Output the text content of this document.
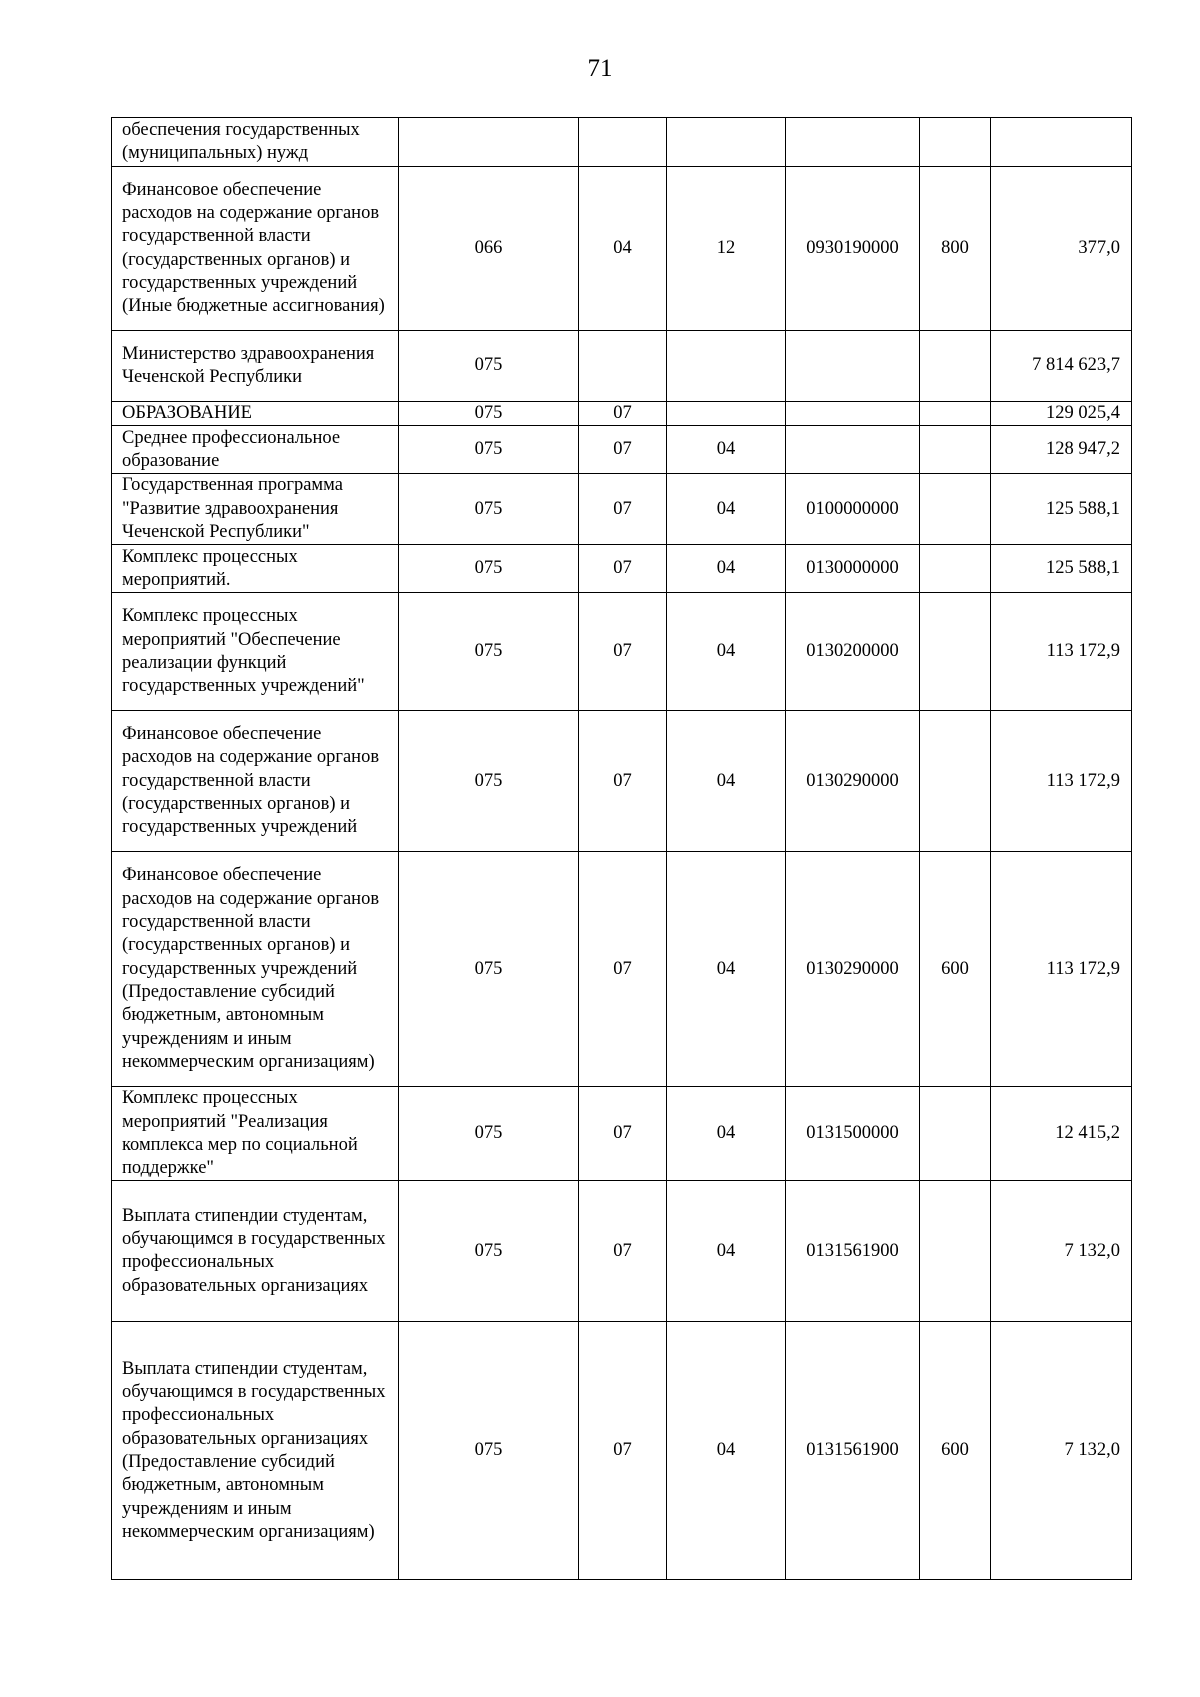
71
обеспечения государственных (муниципальных) нужд						

Финансовое обеспечение расходов на содержание органов государственной власти (государственных органов) и государственных учреждений (Иные бюджетные ассигнования)	066	04	12	0930190000	800	377,0

Министерство здравоохранения Чеченской Республики	075					7 814 623,7

ОБРАЗОВАНИЕ	075	07				129 025,4

Среднее профессиональное образование	075	07	04			128 947,2

Государственная программа "Развитие здравоохранения Чеченской Республики"	075	07	04	0100000000		125 588,1

Комплекс процессных мероприятий.	075	07	04	0130000000		125 588,1

Комплекс процессных мероприятий "Обеспечение реализации функций государственных учреждений"	075	07	04	0130200000		113 172,9

Финансовое обеспечение расходов на содержание органов государственной власти (государственных органов) и государственных учреждений	075	07	04	0130290000		113 172,9

Финансовое обеспечение расходов на содержание органов государственной власти (государственных органов) и государственных учреждений (Предоставление субсидий бюджетным, автономным учреждениям и иным некоммерческим организациям)	075	07	04	0130290000	600	113 172,9

Комплекс процессных мероприятий "Реализация комплекса мер по социальной поддержке"	075	07	04	0131500000		12 415,2

Выплата стипендии студентам, обучающимся в государственных профессиональных образовательных организациях	075	07	04	0131561900		7 132,0

Выплата стипендии студентам, обучающимся в государственных профессиональных образовательных организациях (Предоставление субсидий бюджетным, автономным учреждениям и иным некоммерческим организациям)	075	07	04	0131561900	600	7 132,0
